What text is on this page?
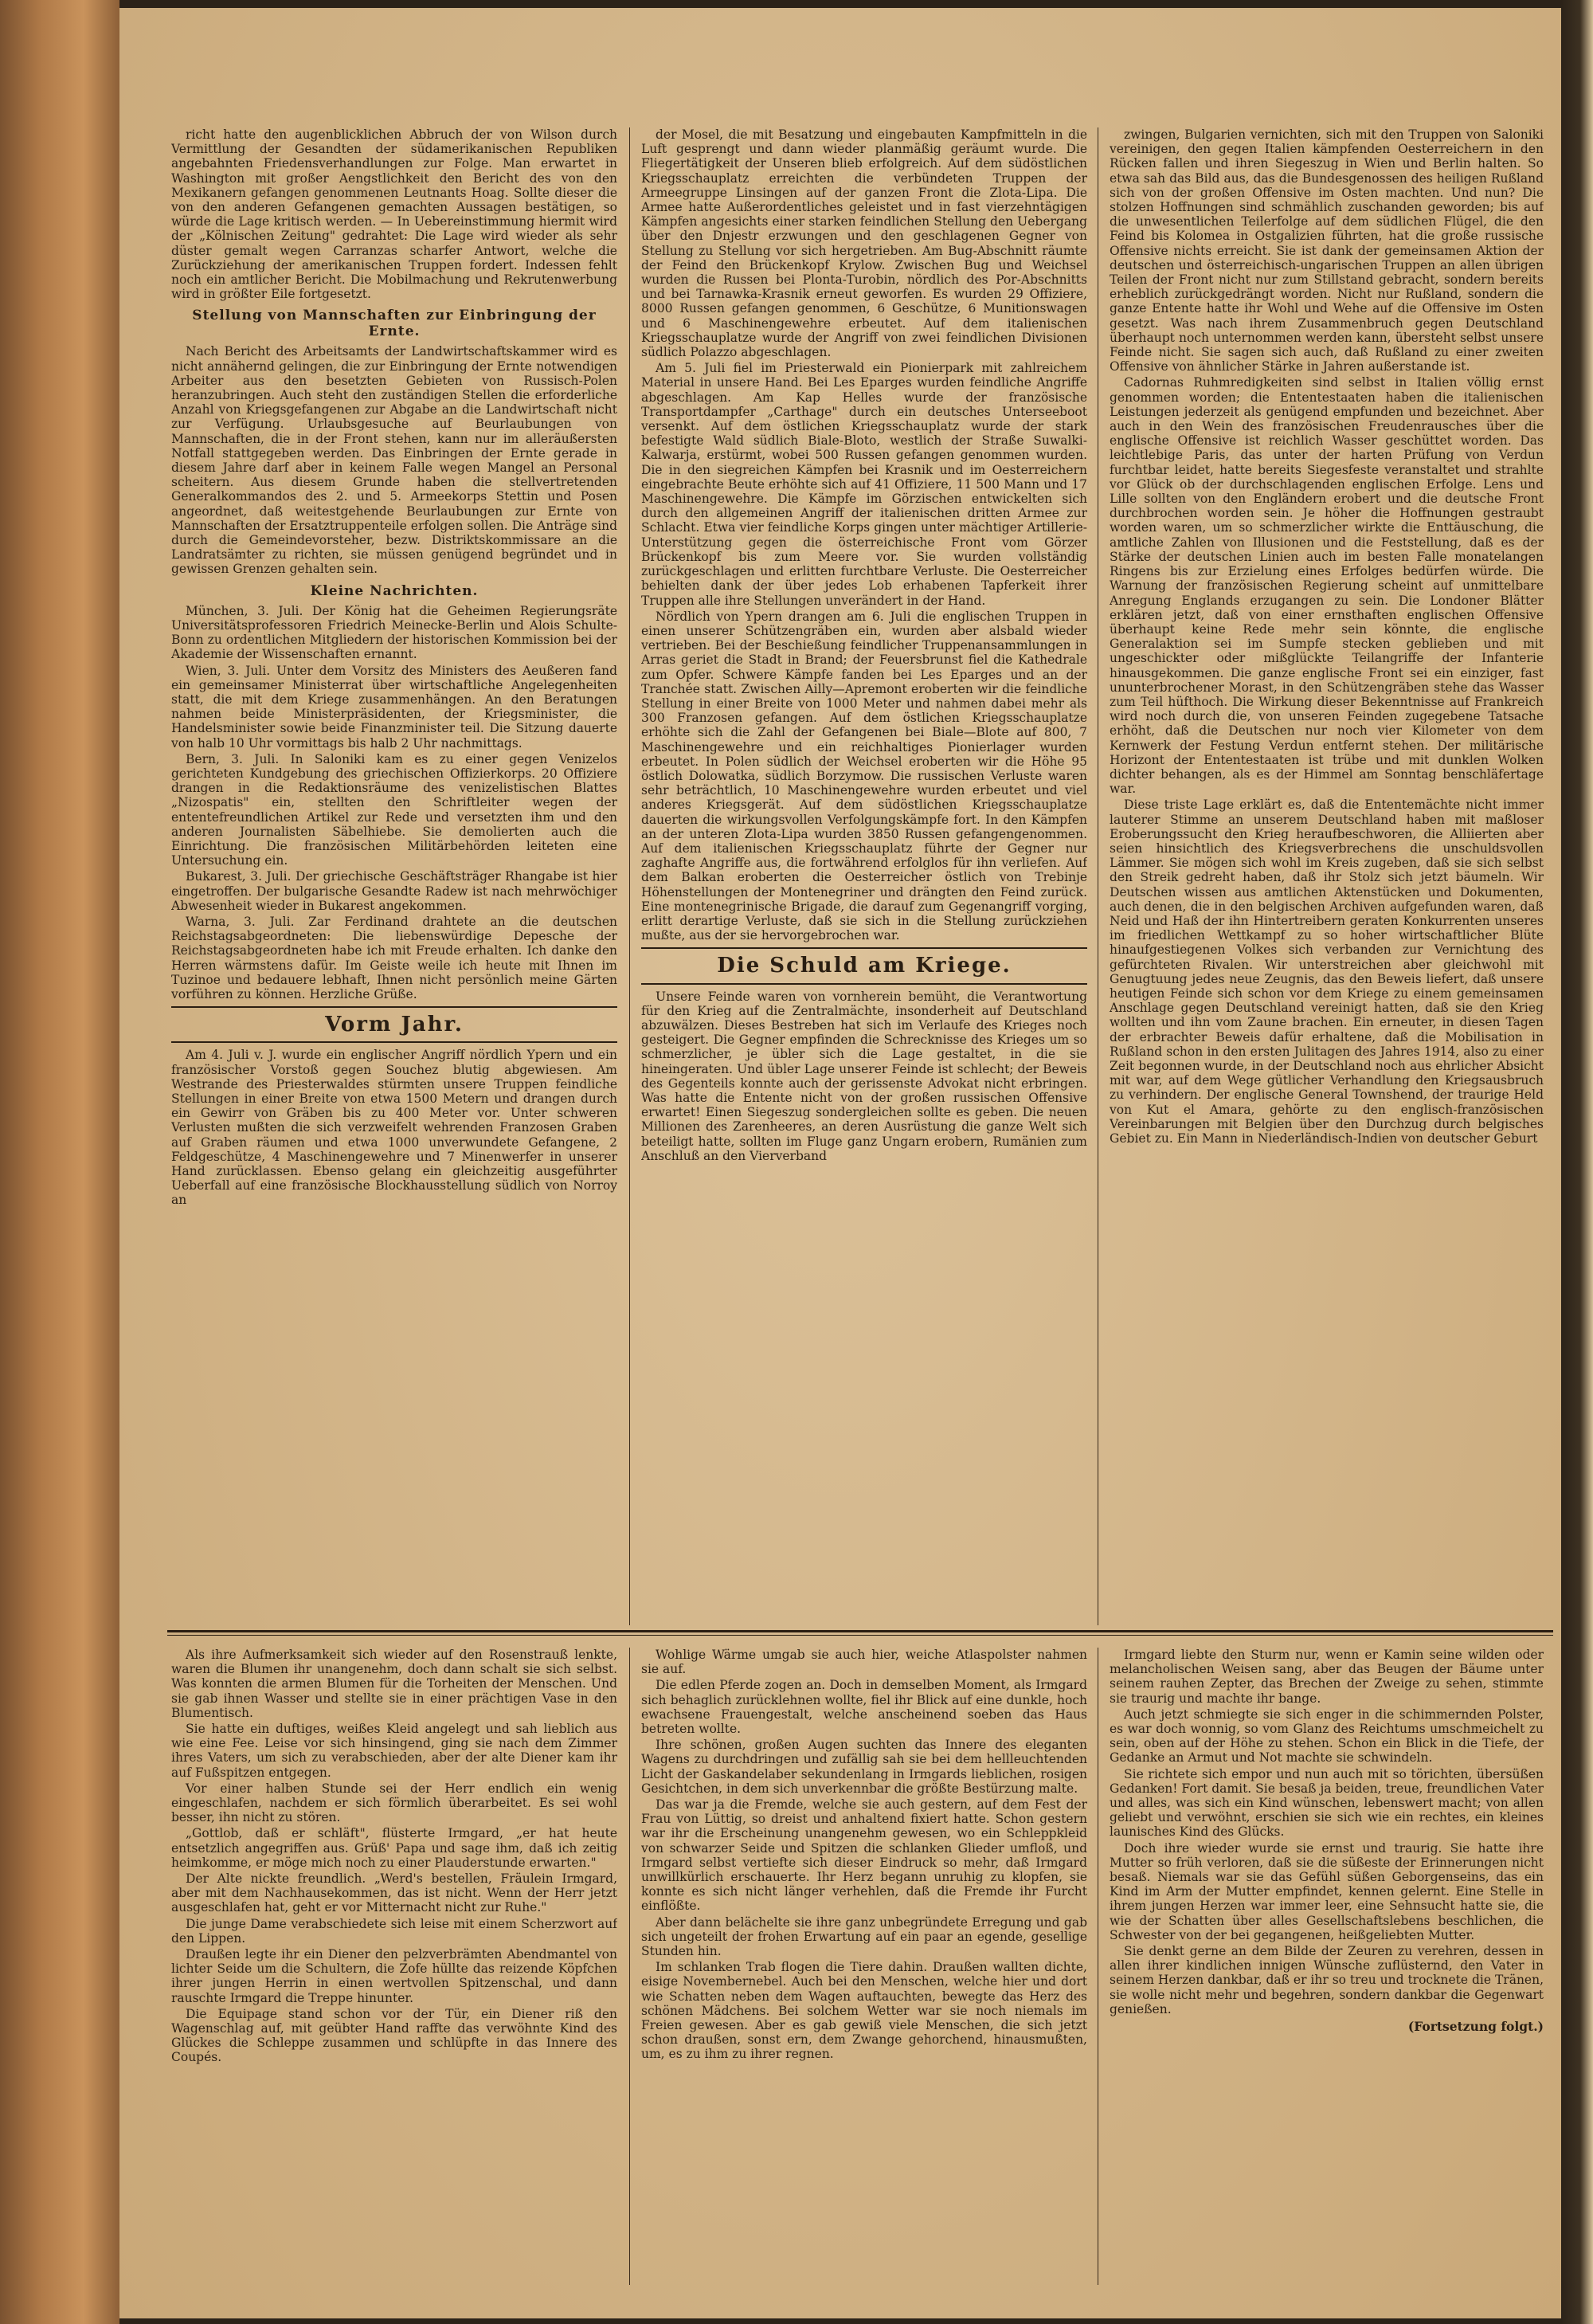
richt hatte den augenblicklichen Abbruch der von Wilson durch Vermittlung der Gesandten der südamerikanischen Republiken angebahnten Friedensverhandlungen zur Folge. Man erwartet in Washington mit großer Aengstlichkeit den Bericht des von den Mexikanern gefangen genommenen Leutnants Hoag. Sollte dieser die von den anderen Gefangenen gemachten Aussagen bestätigen, so würde die Lage kritisch werden. — In Uebereinstimmung hiermit wird der „Kölnischen Zeitung" gedrahtet: Die Lage wird wieder als sehr düster gemalt wegen Carranzas scharfer Antwort, welche die Zurückziehung der amerikanischen Truppen fordert. Indessen fehlt noch ein amtlicher Bericht. Die Mobilmachung und Rekrutenwerbung wird in größter Eile fortgesetzt.

Stellung von Mannschaften zur Einbringung der Ernte.

Nach Bericht des Arbeitsamts der Landwirtschaftskammer wird es nicht annähernd gelingen, die zur Einbringung der Ernte notwendigen Arbeiter aus den besetzten Gebieten von Russisch-Polen heranzubringen. Auch steht den zuständigen Stellen die erforderliche Anzahl von Kriegsgefangenen zur Abgabe an die Landwirtschaft nicht zur Verfügung. Urlaubsgesuche auf Beurlaubungen von Mannschaften, die in der Front stehen, kann nur im alleräußersten Notfall stattgegeben werden. Das Einbringen der Ernte gerade in diesem Jahre darf aber in keinem Falle wegen Mangel an Personal scheitern. Aus diesem Grunde haben die stellvertretenden Generalkommandos des 2. und 5. Armeekorps Stettin und Posen angeordnet, daß weitestgehende Beurlaubungen zur Ernte von Mannschaften der Ersatztruppenteile erfolgen sollen. Die Anträge sind durch die Gemeindevorsteher, bezw. Distriktskommissare an die Landratsämter zu richten, sie müssen genügend begründet und in gewissen Grenzen gehalten sein.

Kleine Nachrichten.

München, 3. Juli. Der König hat die Geheimen Regierungsräte Universitätsprofessoren Friedrich Meinecke-Berlin und Alois Schulte-Bonn zu ordentlichen Mitgliedern der historischen Kommission bei der Akademie der Wissenschaften ernannt.

Wien, 3. Juli. Unter dem Vorsitz des Ministers des Aeußeren fand ein gemeinsamer Ministerrat über wirtschaftliche Angelegenheiten statt, die mit dem Kriege zusammenhängen. An den Beratungen nahmen beide Ministerpräsidenten, der Kriegsminister, die Handelsminister sowie beide Finanzminister teil. Die Sitzung dauerte von halb 10 Uhr vormittags bis halb 2 Uhr nachmittags.

Bern, 3. Juli. In Saloniki kam es zu einer gegen Venizelos gerichteten Kundgebung des griechischen Offizierkorps. 20 Offiziere drangen in die Redaktionsräume des venizelistischen Blattes „Nizospatis" ein, stellten den Schriftleiter wegen der ententefreundlichen Artikel zur Rede und versetzten ihm und den anderen Journalisten Säbelhiebe. Sie demolierten auch die Einrichtung. Die französischen Militärbehörden leiteten eine Untersuchung ein.

Bukarest, 3. Juli. Der griechische Geschäftsträger Rhangabe ist hier eingetroffen. Der bulgarische Gesandte Radew ist nach mehrwöchiger Abwesenheit wieder in Bukarest angekommen.

Warna, 3. Juli. Zar Ferdinand drahtete an die deutschen Reichstagsabgeordneten: Die liebenswürdige Depesche der Reichstagsabgeordneten habe ich mit Freude erhalten. Ich danke den Herren wärmstens dafür. Im Geiste weile ich heute mit Ihnen im Tuzinoe und bedauere lebhaft, Ihnen nicht persönlich meine Gärten vorführen zu können. Herzliche Grüße.

Vorm Jahr.

Am 4. Juli v. J. wurde ein englischer Angriff nördlich Ypern und ein französischer Vorstoß gegen Souchez blutig abgewiesen. Am Westrande des Priesterwaldes stürmten unsere Truppen feindliche Stellungen in einer Breite von etwa 1500 Metern und drangen durch ein Gewirr von Gräben bis zu 400 Meter vor. Unter schweren Verlusten mußten die sich verzweifelt wehrenden Franzosen Graben auf Graben räumen und etwa 1000 unverwundete Gefangene, 2 Feldgeschütze, 4 Maschinengewehre und 7 Minenwerfer in unserer Hand zurücklassen. Ebenso gelang ein gleichzeitig ausgeführter Ueberfall auf eine französische Blockhausstellung südlich von Norroy an

der Mosel, die mit Besatzung und eingebauten Kampfmitteln in die Luft gesprengt und dann wieder planmäßig geräumt wurde. Die Fliegertätigkeit der Unseren blieb erfolgreich. Auf dem südöstlichen Kriegsschauplatz erreichten die verbündeten Truppen der Armeegruppe Linsingen auf der ganzen Front die Zlota-Lipa. Die Armee hatte Außerordentliches geleistet und in fast vierzehntägigen Kämpfen angesichts einer starken feindlichen Stellung den Uebergang über den Dnjestr erzwungen und den geschlagenen Gegner von Stellung zu Stellung vor sich hergetrieben. Am Bug-Abschnitt räumte der Feind den Brückenkopf Krylow. Zwischen Bug und Weichsel wurden die Russen bei Plonta-Turobin, nördlich des Por-Abschnitts und bei Tarnawka-Krasnik erneut geworfen. Es wurden 29 Offiziere, 8000 Russen gefangen genommen, 6 Geschütze, 6 Munitionswagen und 6 Maschinengewehre erbeutet. Auf dem italienischen Kriegsschauplatze wurde der Angriff von zwei feindlichen Divisionen südlich Polazzo abgeschlagen.

Am 5. Juli fiel im Priesterwald ein Pionierpark mit zahlreichem Material in unsere Hand. Bei Les Eparges wurden feindliche Angriffe abgeschlagen. Am Kap Helles wurde der französische Transportdampfer „Carthage" durch ein deutsches Unterseeboot versenkt. Auf dem östlichen Kriegsschauplatz wurde der stark befestigte Wald südlich Biale-Bloto, westlich der Straße Suwalki-Kalwarja, erstürmt, wobei 500 Russen gefangen genommen wurden. Die in den siegreichen Kämpfen bei Krasnik und im Oesterreichern eingebrachte Beute erhöhte sich auf 41 Offiziere, 11 500 Mann und 17 Maschinengewehre. Die Kämpfe im Görzischen entwickelten sich durch den allgemeinen Angriff der italienischen dritten Armee zur Schlacht. Etwa vier feindliche Korps gingen unter mächtiger Artillerie-Unterstützung gegen die österreichische Front vom Görzer Brückenkopf bis zum Meere vor. Sie wurden vollständig zurückgeschlagen und erlitten furchtbare Verluste. Die Oesterreicher behielten dank der über jedes Lob erhabenen Tapferkeit ihrer Truppen alle ihre Stellungen unverändert in der Hand.

Nördlich von Ypern drangen am 6. Juli die englischen Truppen in einen unserer Schützengräben ein, wurden aber alsbald wieder vertrieben. Bei der Beschießung feindlicher Truppenansammlungen in Arras geriet die Stadt in Brand; der Feuersbrunst fiel die Kathedrale zum Opfer. Schwere Kämpfe fanden bei Les Eparges und an der Tranchée statt. Zwischen Ailly—Apremont eroberten wir die feindliche Stellung in einer Breite von 1000 Meter und nahmen dabei mehr als 300 Franzosen gefangen. Auf dem östlichen Kriegsschauplatze erhöhte sich die Zahl der Gefangenen bei Biale—Blote auf 800, 7 Maschinengewehre und ein reichhaltiges Pionierlager wurden erbeutet. In Polen südlich der Weichsel eroberten wir die Höhe 95 östlich Dolowatka, südlich Borzymow. Die russischen Verluste waren sehr beträchtlich, 10 Maschinengewehre wurden erbeutet und viel anderes Kriegsgerät. Auf dem südöstlichen Kriegsschauplatze dauerten die wirkungsvollen Verfolgungskämpfe fort. In den Kämpfen an der unteren Zlota-Lipa wurden 3850 Russen gefangengenommen. Auf dem italienischen Kriegsschauplatz führte der Gegner nur zaghafte Angriffe aus, die fortwährend erfolglos für ihn verliefen. Auf dem Balkan eroberten die Oesterreicher östlich von Trebinje Höhenstellungen der Montenegriner und drängten den Feind zurück. Eine montenegrinische Brigade, die darauf zum Gegenangriff vorging, erlitt derartige Verluste, daß sie sich in die Stellung zurückziehen mußte, aus der sie hervorgebrochen war.

Die Schuld am Kriege.

Unsere Feinde waren von vornherein bemüht, die Verantwortung für den Krieg auf die Zentralmächte, insonderheit auf Deutschland abzuwälzen. Dieses Bestreben hat sich im Verlaufe des Krieges noch gesteigert. Die Gegner empfinden die Schrecknisse des Krieges um so schmerzlicher, je übler sich die Lage gestaltet, in die sie hineingeraten. Und übler Lage unserer Feinde ist schlecht; der Beweis des Gegenteils konnte auch der gerissenste Advokat nicht erbringen. Was hatte die Entente nicht von der großen russischen Offensive erwartet! Einen Siegeszug sondergleichen sollte es geben. Die neuen Millionen des Zarenheeres, an deren Ausrüstung die ganze Welt sich beteiligt hatte, sollten im Fluge ganz Ungarn erobern, Rumänien zum Anschluß an den Vierverband

zwingen, Bulgarien vernichten, sich mit den Truppen von Saloniki vereinigen, den gegen Italien kämpfenden Oesterreichern in den Rücken fallen und ihren Siegeszug in Wien und Berlin halten. So etwa sah das Bild aus, das die Bundesgenossen des heiligen Rußland sich von der großen Offensive im Osten machten. Und nun? Die stolzen Hoffnungen sind schmählich zuschanden geworden; bis auf die unwesentlichen Teilerfolge auf dem südlichen Flügel, die den Feind bis Kolomea in Ostgalizien führten, hat die große russische Offensive nichts erreicht. Sie ist dank der gemeinsamen Aktion der deutschen und österreichisch-ungarischen Truppen an allen übrigen Teilen der Front nicht nur zum Stillstand gebracht, sondern bereits erheblich zurückgedrängt worden. Nicht nur Rußland, sondern die ganze Entente hatte ihr Wohl und Wehe auf die Offensive im Osten gesetzt. Was nach ihrem Zusammenbruch gegen Deutschland überhaupt noch unternommen werden kann, übersteht selbst unsere Feinde nicht. Sie sagen sich auch, daß Rußland zu einer zweiten Offensive von ähnlicher Stärke in Jahren außerstande ist.

Cadornas Ruhmredigkeiten sind selbst in Italien völlig ernst genommen worden; die Ententestaaten haben die italienischen Leistungen jederzeit als genügend empfunden und bezeichnet. Aber auch in den Wein des französischen Freudenrausches über die englische Offensive ist reichlich Wasser geschüttet worden. Das leichtlebige Paris, das unter der harten Prüfung von Verdun furchtbar leidet, hatte bereits Siegesfeste veranstaltet und strahlte vor Glück ob der durchschlagenden englischen Erfolge. Lens und Lille sollten von den Engländern erobert und die deutsche Front durchbrochen worden sein. Je höher die Hoffnungen gestraubt worden waren, um so schmerzlicher wirkte die Enttäuschung, die amtliche Zahlen von Illusionen und die Feststellung, daß es der Stärke der deutschen Linien auch im besten Falle monatelangen Ringens bis zur Erzielung eines Erfolges bedürfen würde. Die Warnung der französischen Regierung scheint auf unmittelbare Anregung Englands erzugangen zu sein. Die Londoner Blätter erklären jetzt, daß von einer ernsthaften englischen Offensive überhaupt keine Rede mehr sein könnte, die englische Generalaktion sei im Sumpfe stecken geblieben und mit ungeschickter oder mißglückte Teilangriffe der Infanterie hinausgekommen. Die ganze englische Front sei ein einziger, fast ununterbrochener Morast, in den Schützengräben stehe das Wasser zum Teil hüfthoch. Die Wirkung dieser Bekenntnisse auf Frankreich wird noch durch die, von unseren Feinden zugegebene Tatsache erhöht, daß die Deutschen nur noch vier Kilometer von dem Kernwerk der Festung Verdun entfernt stehen. Der militärische Horizont der Ententestaaten ist trübe und mit dunklen Wolken dichter behangen, als es der Himmel am Sonntag benschläfertage war.

Diese triste Lage erklärt es, daß die Ententemächte nicht immer lauterer Stimme an unserem Deutschland haben mit maßloser Eroberungssucht den Krieg heraufbeschworen, die Alliierten aber seien hinsichtlich des Kriegsverbrechens die unschuldsvollen Lämmer. Sie mögen sich wohl im Kreis zugeben, daß sie sich selbst den Streik gedreht haben, daß ihr Stolz sich jetzt bäumeln. Wir Deutschen wissen aus amtlichen Aktenstücken und Dokumenten, auch denen, die in den belgischen Archiven aufgefunden waren, daß Neid und Haß der ihn Hintertreibern geraten Konkurrenten unseres im friedlichen Wettkampf zu so hoher wirtschaftlicher Blüte hinaufgestiegenen Volkes sich verbanden zur Vernichtung des gefürchteten Rivalen. Wir unterstreichen aber gleichwohl mit Genugtuung jedes neue Zeugnis, das den Beweis liefert, daß unsere heutigen Feinde sich schon vor dem Kriege zu einem gemeinsamen Anschlage gegen Deutschland vereinigt hatten, daß sie den Krieg wollten und ihn vom Zaune brachen. Ein erneuter, in diesen Tagen der erbrachter Beweis dafür erhaltene, daß die Mobilisation in Rußland schon in den ersten Julitagen des Jahres 1914, also zu einer Zeit begonnen wurde, in der Deutschland noch aus ehrlicher Absicht mit war, auf dem Wege gütlicher Verhandlung den Kriegsausbruch zu verhindern. Der englische General Townshend, der traurige Held von Kut el Amara, gehörte zu den englisch-französischen Vereinbarungen mit Belgien über den Durchzug durch belgisches Gebiet zu. Ein Mann in Niederländisch-Indien von deutscher Geburt

Als ihre Aufmerksamkeit sich wieder auf den Rosenstrauß lenkte, waren die Blumen ihr unangenehm, doch dann schalt sie sich selbst. Was konnten die armen Blumen für die Torheiten der Menschen. Und sie gab ihnen Wasser und stellte sie in einer prächtigen Vase in den Blumentisch.

Sie hatte ein duftiges, weißes Kleid angelegt und sah lieblich aus wie eine Fee. Leise vor sich hinsingend, ging sie nach dem Zimmer ihres Vaters, um sich zu verabschieden, aber der alte Diener kam ihr auf Fußspitzen entgegen.

Vor einer halben Stunde sei der Herr endlich ein wenig eingeschlafen, nachdem er sich förmlich überarbeitet. Es sei wohl besser, ihn nicht zu stören.

„Gottlob, daß er schläft", flüsterte Irmgard, „er hat heute entsetzlich angegriffen aus. Grüß' Papa und sage ihm, daß ich zeitig heimkomme, er möge mich noch zu einer Plauderstunde erwarten."

Der Alte nickte freundlich. „Werd's bestellen, Fräulein Irmgard, aber mit dem Nachhausekommen, das ist nicht. Wenn der Herr jetzt ausgeschlafen hat, geht er vor Mitternacht nicht zur Ruhe."

Die junge Dame verabschiedete sich leise mit einem Scherzwort auf den Lippen.

Draußen legte ihr ein Diener den pelzverbrämten Abendmantel von lichter Seide um die Schultern, die Zofe hüllte das reizende Köpfchen ihrer jungen Herrin in einen wertvollen Spitzenschal, und dann rauschte Irmgard die Treppe hinunter.

Die Equipage stand schon vor der Tür, ein Diener riß den Wagenschlag auf, mit geübter Hand raffte das verwöhnte Kind des Glückes die Schleppe zusammen und schlüpfte in das Innere des Coupés.

Wohlige Wärme umgab sie auch hier, weiche Atlaspolster nahmen sie auf.

Die edlen Pferde zogen an. Doch in demselben Moment, als Irmgard sich behaglich zurücklehnen wollte, fiel ihr Blick auf eine dunkle, hoch ewachsene Frauengestalt, welche anscheinend soeben das Haus betreten wollte.

Ihre schönen, großen Augen suchten das Innere des eleganten Wagens zu durchdringen und zufällig sah sie bei dem hellleuchtenden Licht der Gaskandelaber sekundenlang in Irmgards lieblichen, rosigen Gesichtchen, in dem sich unverkennbar die größte Bestürzung malte.

Das war ja die Fremde, welche sie auch gestern, auf dem Fest der Frau von Lüttig, so dreist und anhaltend fixiert hatte. Schon gestern war ihr die Erscheinung unangenehm gewesen, wo ein Schleppkleid von schwarzer Seide und Spitzen die schlanken Glieder umfloß, und Irmgard selbst vertiefte sich dieser Eindruck so mehr, daß Irmgard unwillkürlich erschauerte. Ihr Herz begann unruhig zu klopfen, sie konnte es sich nicht länger verhehlen, daß die Fremde ihr Furcht einflößte.

Aber dann belächelte sie ihre ganz unbegründete Erregung und gab sich ungeteilt der frohen Erwartung auf ein paar an egende, gesellige Stunden hin.

Im schlanken Trab flogen die Tiere dahin. Draußen wallten dichte, eisige Novembernebel. Auch bei den Menschen, welche hier und dort wie Schatten neben dem Wagen auftauchten, bewegte das Herz des schönen Mädchens. Bei solchem Wetter war sie noch niemals im Freien gewesen. Aber es gab gewiß viele Menschen, die sich jetzt schon draußen, sonst ern, dem Zwange gehorchend, hinausmußten, um, es zu ihm zu ihrer regnen.

Irmgard liebte den Sturm nur, wenn er Kamin seine wilden oder melancholischen Weisen sang, aber das Beugen der Bäume unter seinem rauhen Zepter, das Brechen der Zweige zu sehen, stimmte sie traurig und machte ihr bange.

Auch jetzt schmiegte sie sich enger in die schimmernden Polster, es war doch wonnig, so vom Glanz des Reichtums umschmeichelt zu sein, oben auf der Höhe zu stehen. Schon ein Blick in die Tiefe, der Gedanke an Armut und Not machte sie schwindeln.

Sie richtete sich empor und nun auch mit so törichten, übersüßen Gedanken! Fort damit. Sie besaß ja beiden, treue, freundlichen Vater und alles, was sich ein Kind wünschen, lebenswert macht; von allen geliebt und verwöhnt, erschien sie sich wie ein rechtes, ein kleines launisches Kind des Glücks.

Doch ihre wieder wurde sie ernst und traurig. Sie hatte ihre Mutter so früh verloren, daß sie die süßeste der Erinnerungen nicht besaß. Niemals war sie das Gefühl süßen Geborgenseins, das ein Kind im Arm der Mutter empfindet, kennen gelernt. Eine Stelle in ihrem jungen Herzen war immer leer, eine Sehnsucht hatte sie, die wie der Schatten über alles Gesellschaftslebens beschlichen, die Schwester von der bei gegangenen, heißgeliebten Mutter.

Sie denkt gerne an dem Bilde der Zeuren zu verehren, dessen in allen ihrer kindlichen innigen Wünsche zuflüsternd, den Vater in seinem Herzen dankbar, daß er ihr so treu und trocknete die Tränen, sie wolle nicht mehr und begehren, sondern dankbar die Gegenwart genießen.

(Fortsetzung folgt.)
